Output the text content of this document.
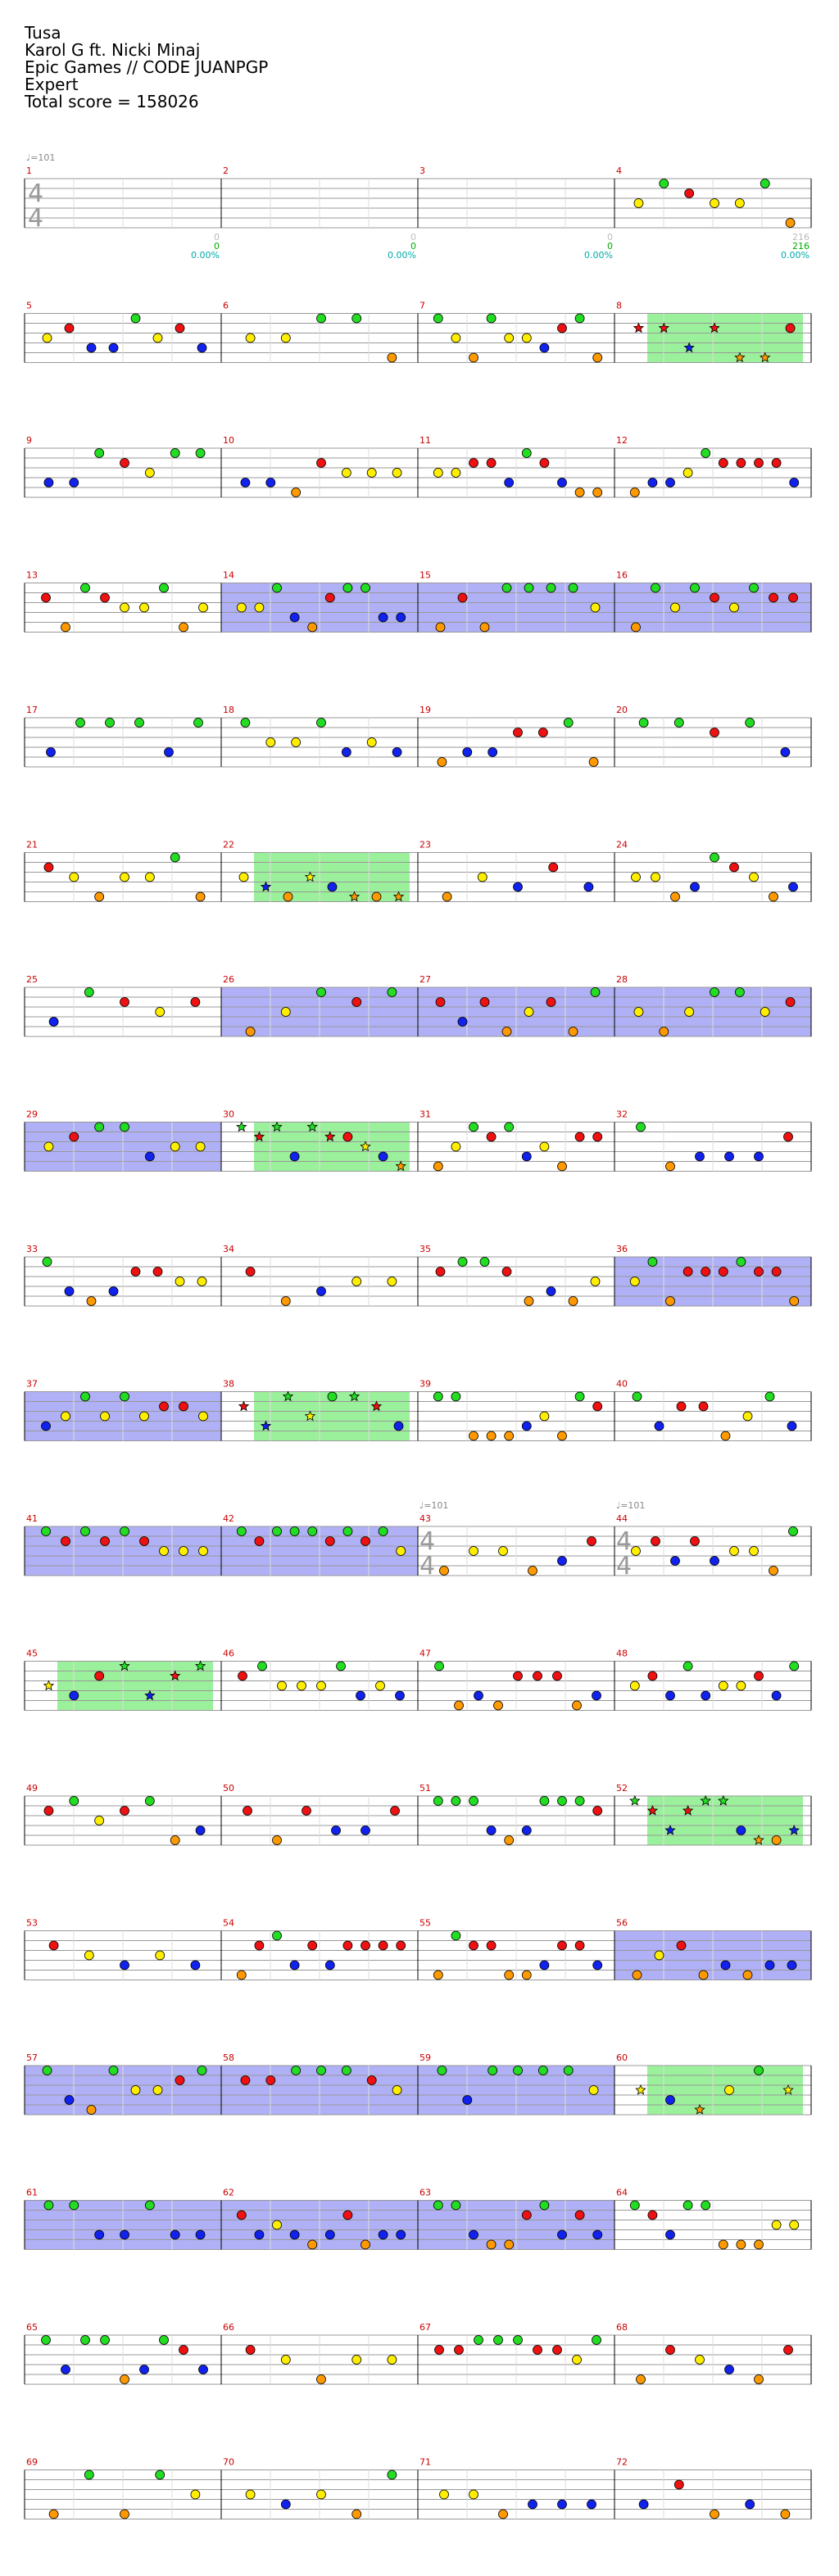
Tusa
Karol G ft. Nicki Minaj
Epic Games // CODE JUANPGP
Expert
Total score = 158026
1
0
0
0.00%
2
0
0
0.00%
3
0
0
0.00%
4
216
216
0.00%
5	6	7	8
9	10	11	12
13	14	15	16
17	18	19	20
21	22	23	24
25	26	27	28
29	30	31	32
33	34	35	36
37	38	39	40
41	42	43	44
45	46	47	48
49	50	51	52
53	54	55	56
57	58	59	60
61	62	63	64
65	66	67	68
69	70	71	72
4
4
4
4
4
4
♩=101
♩=101	♩=101
